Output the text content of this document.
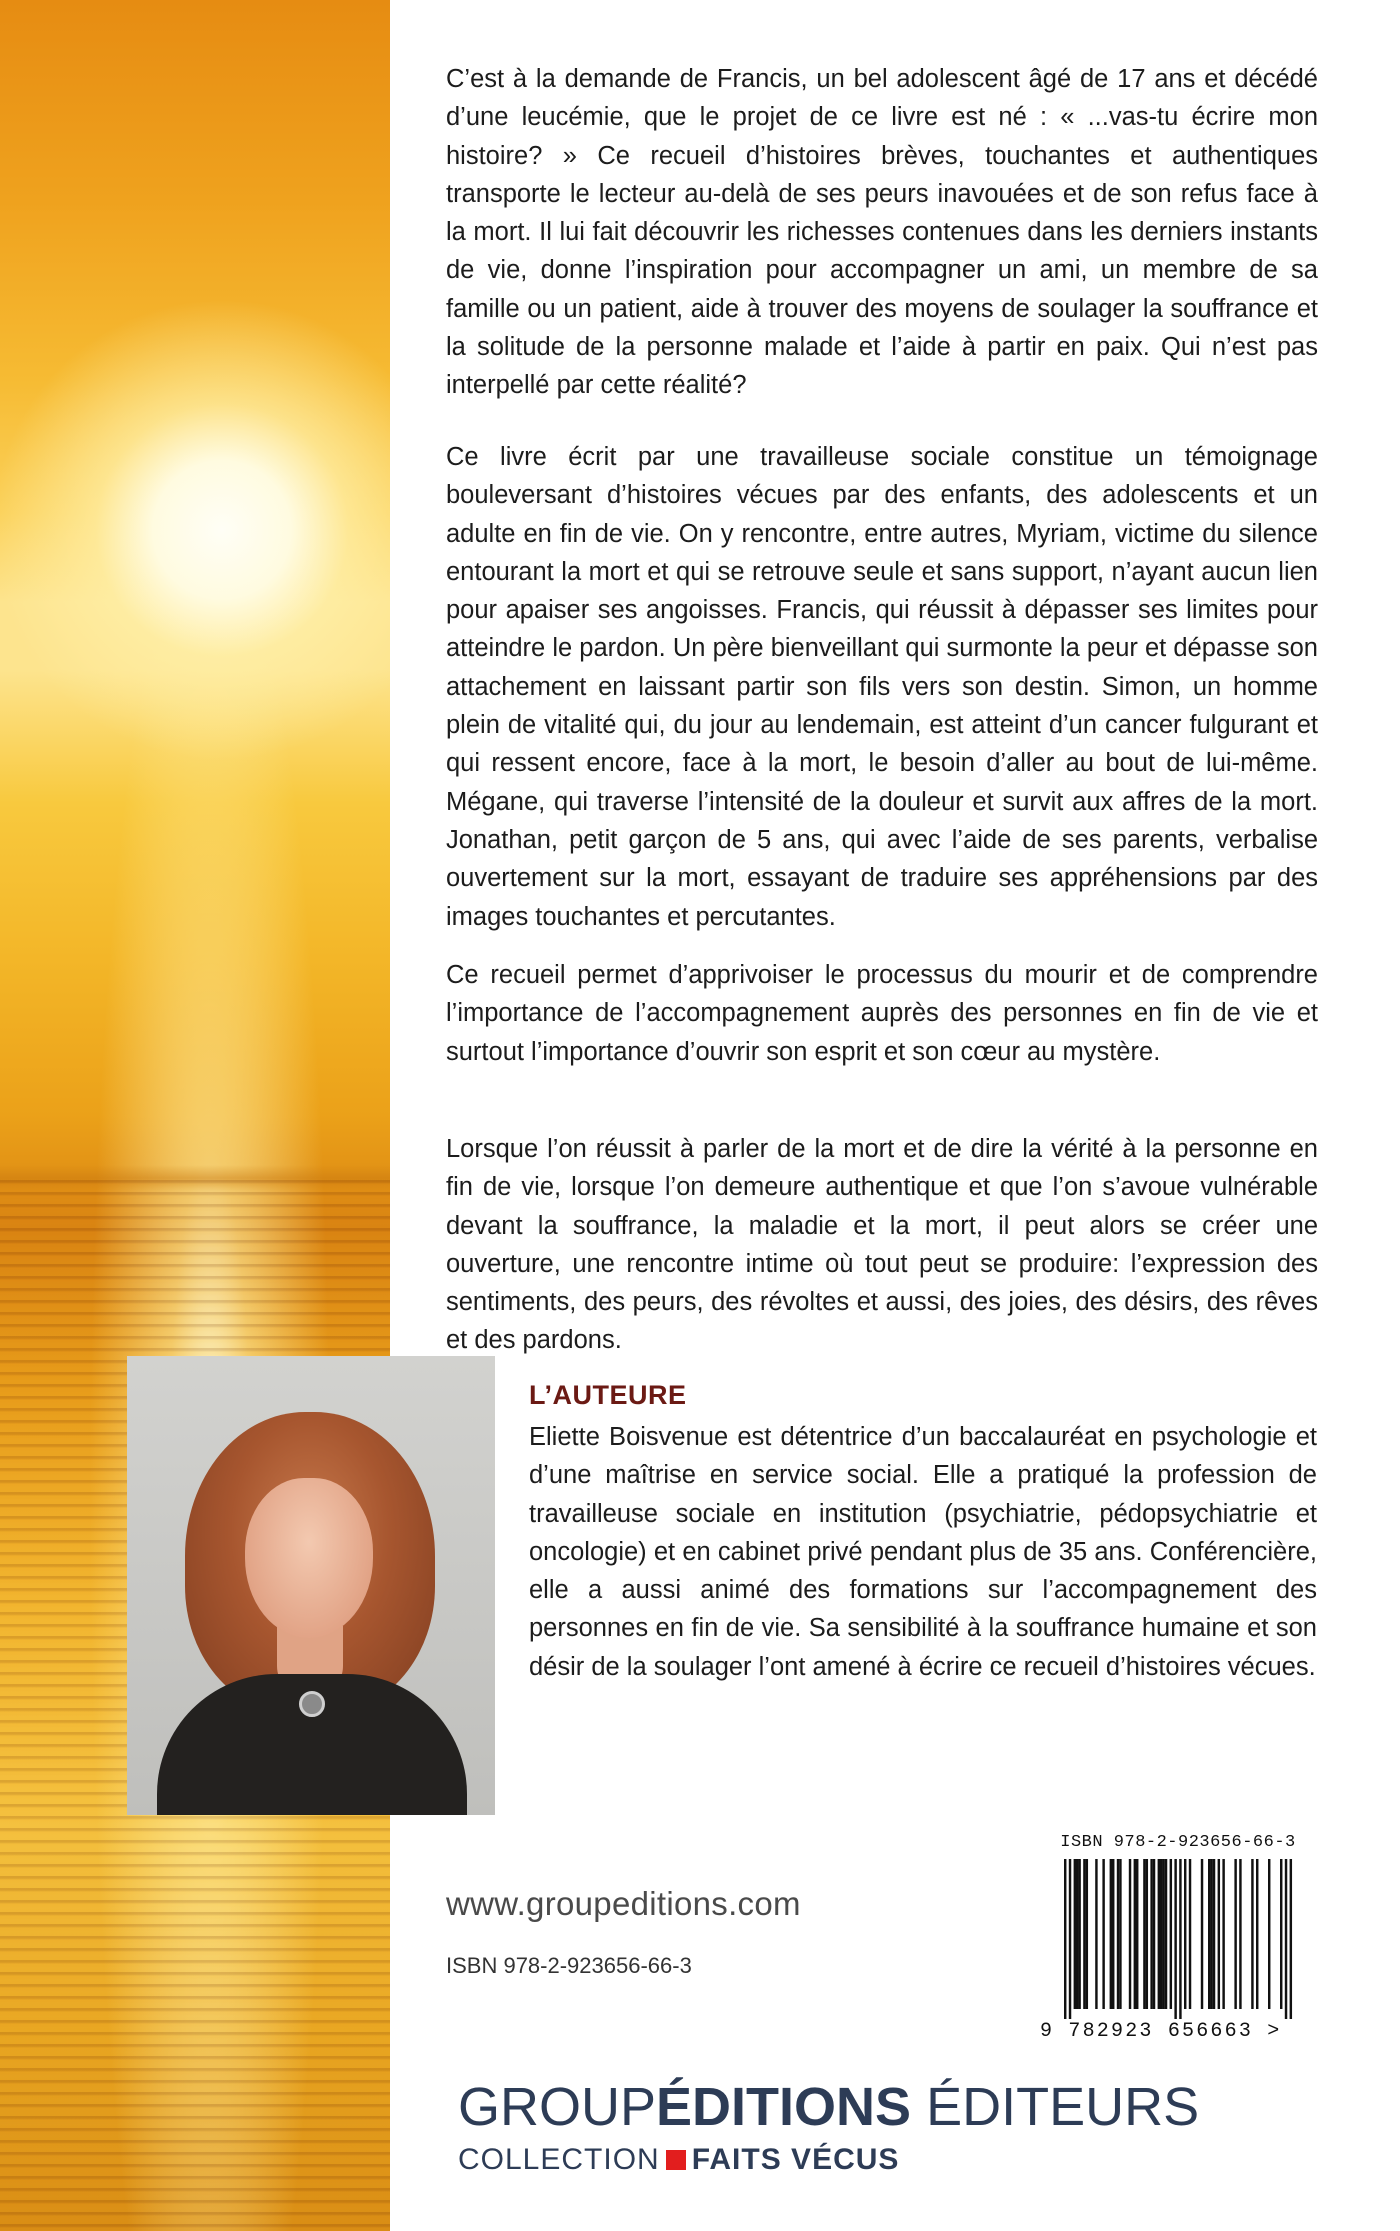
C’est à la demande de Francis, un bel adolescent âgé de 17 ans et décédé d’une leucémie, que le projet de ce livre est né : « ...vas-tu écrire mon histoire? » Ce recueil d’histoires brèves, touchantes et authentiques transporte le lecteur au-delà de ses peurs inavouées et de son refus face à la mort. Il lui fait découvrir les richesses contenues dans les derniers instants de vie, donne l’inspiration pour accompagner un ami, un membre de sa famille ou un patient, aide à trouver des moyens de soulager la souffrance et la solitude de la personne malade et l’aide à partir en paix. Qui n’est pas interpellé par cette réalité?

Ce livre écrit par une travailleuse sociale constitue un témoignage bouleversant d’histoires vécues par des enfants, des adolescents et un adulte en fin de vie. On y rencontre, entre autres, Myriam, victime du silence entourant la mort et qui se retrouve seule et sans support, n’ayant aucun lien pour apaiser ses angoisses. Francis, qui réussit à dépasser ses limites pour atteindre le pardon. Un père bienveillant qui surmonte la peur et dépasse son attachement en laissant partir son fils vers son destin. Simon, un homme plein de vitalité qui, du jour au lendemain, est atteint d’un cancer fulgurant et qui ressent encore, face à la mort, le besoin d’aller au bout de lui-même. Mégane, qui traverse l’intensité de la douleur et survit aux affres de la mort. Jonathan, petit garçon de 5 ans, qui avec l’aide de ses parents, verbalise ouvertement sur la mort, essayant de traduire ses appréhensions par des images touchantes et percutantes.

Ce recueil permet d’apprivoiser le processus du mourir et de comprendre l’importance de l’accompagnement auprès des personnes en fin de vie et surtout l’importance d’ouvrir son esprit et son cœur au mystère.

Lorsque l’on réussit à parler de la mort et de dire la vérité à la personne en fin de vie, lorsque l’on demeure authentique et que l’on s’avoue vulnérable devant la souffrance, la maladie et la mort, il peut alors se créer une ouverture, une rencontre intime où tout peut se produire: l’expression des sentiments, des peurs, des révoltes et aussi, des joies, des désirs, des rêves et des pardons.

L’AUTEURE
Eliette Boisvenue est détentrice d’un baccalauréat en psychologie et d’une maîtrise en service social. Elle a pratiqué la profession de travailleuse sociale en institution (psychiatrie, pédopsychiatrie et oncologie) et en cabinet privé pendant plus de 35 ans. Conférencière, elle a aussi animé des formations sur l’accompagnement des personnes en fin de vie. Sa sensibilité à la souffrance humaine et son désir de la soulager l’ont amené à écrire ce recueil d’histoires vécues.
www.groupeditions.com
ISBN 978-2-923656-66-3
ISBN 978-2-923656-66-3
9 782923 656663 >
GROUPÉDITIONS ÉDITEURS
COLLECTION FAITS VÉCUS
